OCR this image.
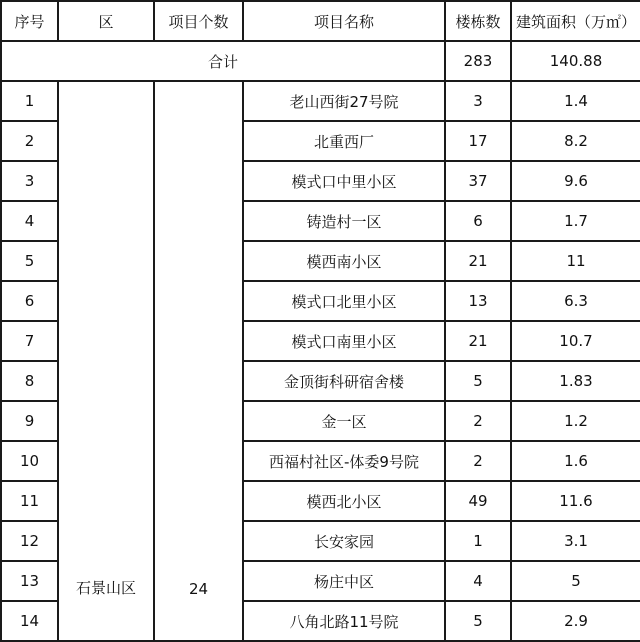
序号	区	项目个数	项目名称	楼栋数	建筑面积（万㎡）
合计				283	140.88
1	石景山区	24	老山西街27号院	3	1.4
2			北重西厂	17	8.2
3			模式口中里小区	37	9.6
4			铸造村一区	6	1.7
5			模西南小区	21	11
6			模式口北里小区	13	6.3
7			模式口南里小区	21	10.7
8			金顶街科研宿舍楼	5	1.83
9			金一区	2	1.2
10			西福村社区-体委9号院	2	1.6
11			模西北小区	49	11.6
12			长安家园	1	3.1
13			杨庄中区	4	5
14			八角北路11号院	5	2.9
